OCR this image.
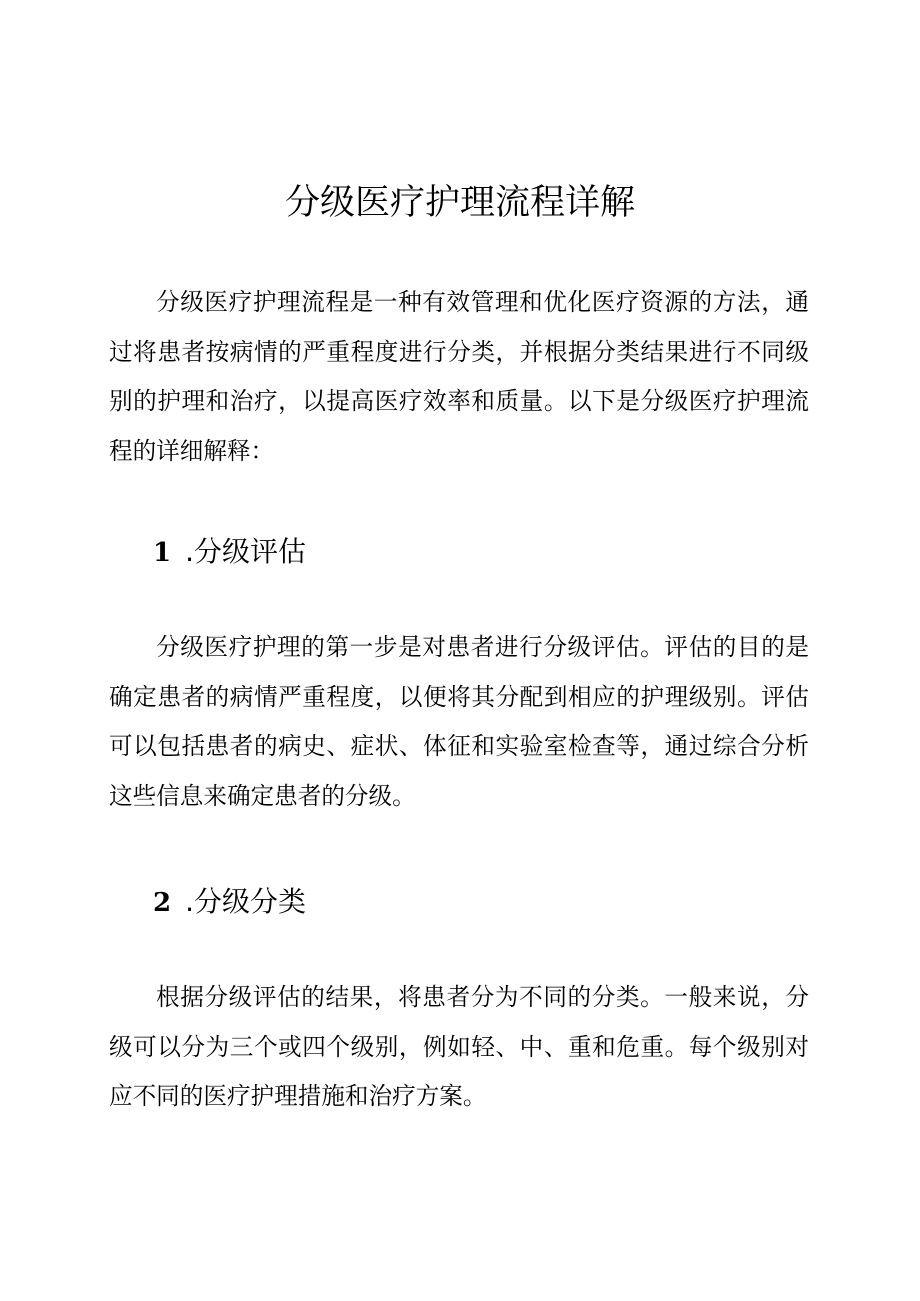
分级医疗护理流程详解

分级医疗护理流程是一种有效管理和优化医疗资源的方法，通过将患者按病情的严重程度进行分类，并根据分类结果进行不同级别的护理和治疗，以提高医疗效率和质量。以下是分级医疗护理流程的详细解释：

1 .分级评估

分级医疗护理的第一步是对患者进行分级评估。评估的目的是确定患者的病情严重程度，以便将其分配到相应的护理级别。评估可以包括患者的病史、症状、体征和实验室检查等，通过综合分析这些信息来确定患者的分级。

2 .分级分类

根据分级评估的结果，将患者分为不同的分类。一般来说，分级可以分为三个或四个级别，例如轻、中、重和危重。每个级别对应不同的医疗护理措施和治疗方案。
